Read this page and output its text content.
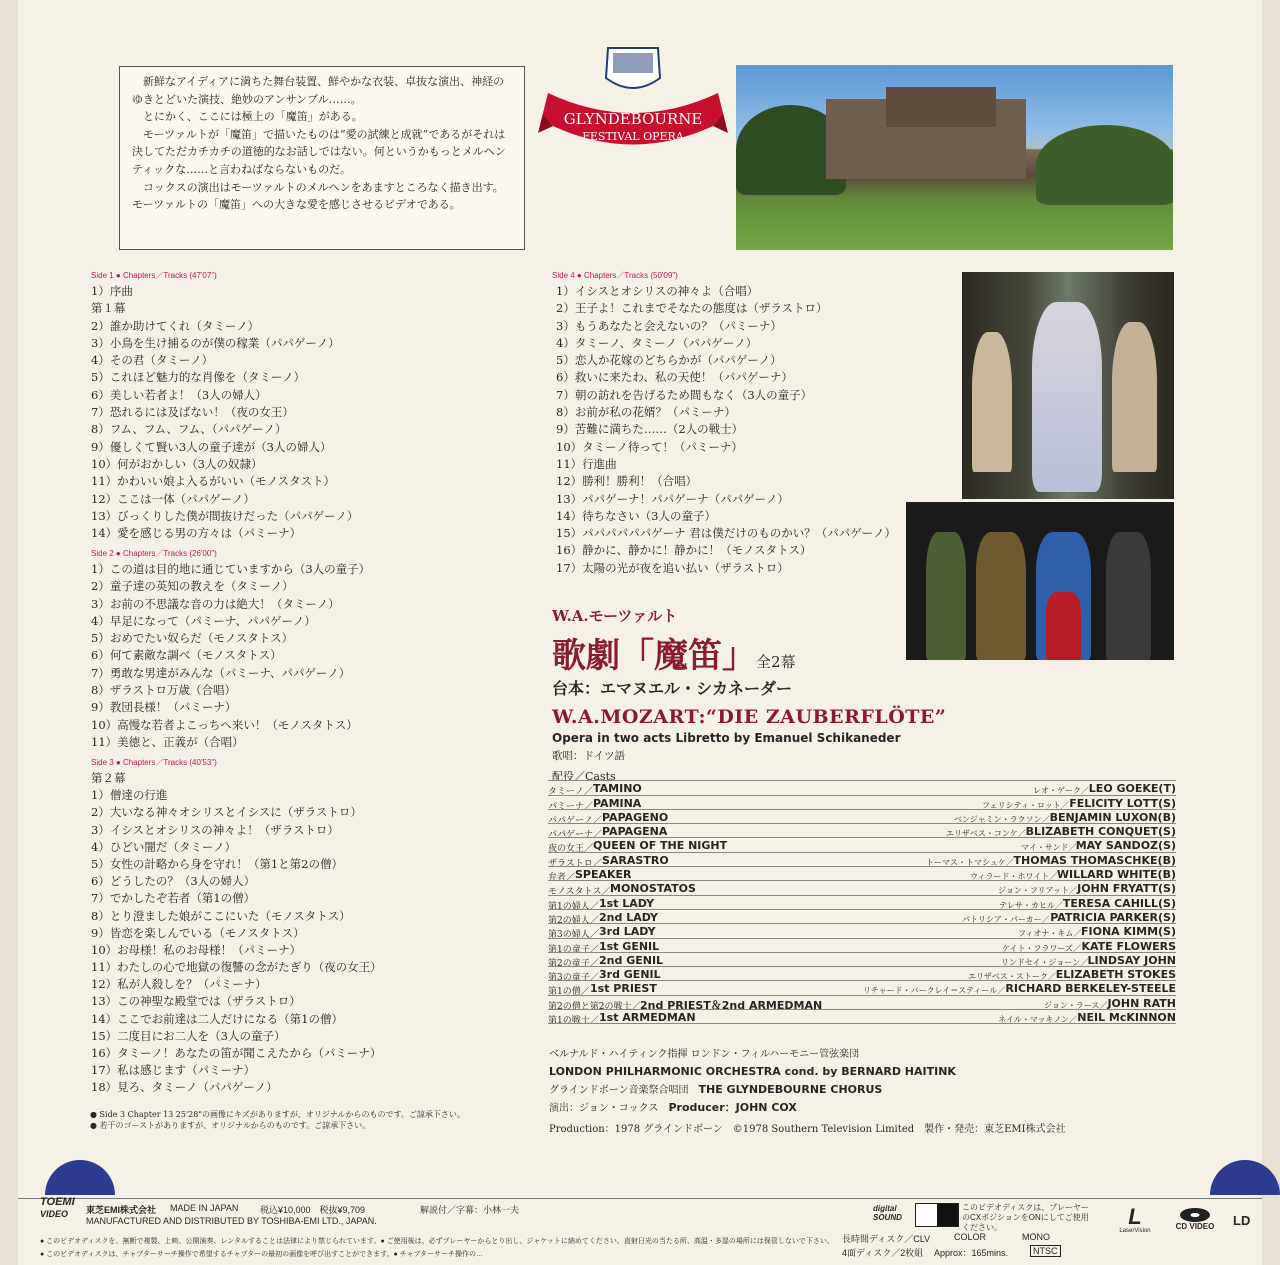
新鮮なアイディアに満ちた舞台装置、鮮やかな衣装、卓抜な演出、神経のゆきとどいた演技、絶妙のアンサンブル……。

とにかく、ここには極上の「魔笛」がある。

モーツァルトが「魔笛」で描いたものは“愛の試練と成就”であるがそれは決してただカチカチの道徳的なお話しではない。何というかもっとメルヘンティックな……と言わねばならないものだ。

コックスの演出はモーツァルトのメルヘンをあますところなく描き出す。モーツァルトの「魔笛」への大きな愛を感じさせるビデオである。

GLYNDEBOURNE
FESTIVAL OPERA
Side 1 ● Chapters／Tracks (47'07")
1）序曲
第１幕
2）誰か助けてくれ（タミーノ）
3）小鳥を生け捕るのが僕の稼業（パパゲーノ）
4）その君（タミーノ）
5）これほど魅力的な肖像を（タミーノ）
6）美しい若者よ！（3人の婦人）
7）恐れるには及ばない！（夜の女王）
8）フム、フム、フム、（パパゲーノ）
9）優しくて賢い3人の童子達が（3人の婦人）
10）何がおかしい（3人の奴隷）
11）かわいい娘よ入るがいい（モノスタスト）
12）ここは一体（パパゲーノ）
13）びっくりした僕が間抜けだった（パパゲーノ）
14）愛を感じる男の方々は（パミーナ）
Side 2 ● Chapters／Tracks (26'00")
1）この道は目的地に通じていますから（3人の童子）
2）童子達の英知の教えを（タミーノ）
3）お前の不思議な音の力は絶大！（タミーノ）
4）早足になって（パミーナ、パパゲーノ）
5）おめでたい奴らだ（モノスタトス）
6）何て素敵な調べ（モノスタトス）
7）勇敢な男達がみんな（パミーナ、パパゲーノ）
8）ザラストロ万歳（合唱）
9）教団長様！（パミーナ）
10）高慢な若者よこっちへ来い！（モノスタトス）
11）美徳と、正義が（合唱）
Side 3 ● Chapters／Tracks (40'53")
第２幕
1）僧達の行進
2）大いなる神々オシリスとイシスに（ザラストロ）
3）イシスとオシリスの神々よ！（ザラストロ）
4）ひどい闇だ（タミーノ）
5）女性の計略から身を守れ！（第1と第2の僧）
6）どうしたの？（3人の婦人）
7）でかしたぞ若者（第1の僧）
8）とり澄ました娘がここにいた（モノスタトス）
9）皆恋を楽しんでいる（モノスタトス）
10）お母様！私のお母様！（パミーナ）
11）わたしの心で地獄の復讐の念がたぎり（夜の女王）
12）私が人殺しを？（パミーナ）
13）この神聖な殿堂では（ザラストロ）
14）ここでお前達は二人だけになる（第1の僧）
15）二度目にお二人を（3人の童子）
16）タミーノ！あなたの笛が聞こえたから（パミーナ）
17）私は感じます（パミーナ）
18）見ろ、タミーノ（パパゲーノ）
● Side 3 Chapter 13 25'28"の画像にキズがありますが、オリジナルからのものです。ご諒承下さい。
● 若干のゴーストがありますが、オリジナルからのものです。ご諒承下さい。
Side 4 ● Chapters／Tracks (50'09")
1）イシスとオシリスの神々よ（合唱）
2）王子よ！これまでそなたの態度は（ザラストロ）
3）もうあなたと会えないの？（パミーナ）
4）タミーノ、タミーノ（パパゲーノ）
5）恋人か花嫁のどちらかが（パパゲーノ）
6）救いに来たわ、私の天使！（パパゲーナ）
7）朝の訪れを告げるため間もなく（3人の童子）
8）お前が私の花婿？（パミーナ）
9）苦難に満ちた……（2人の戦士）
10）タミーノ待って！（パミーナ）
11）行進曲
12）勝利！勝利！（合唱）
13）パパゲーナ！パパゲーナ（パパゲーノ）
14）待ちなさい（3人の童子）
15）パパパパパパゲーナ 君は僕だけのものかい？（パパゲーノ）
16）静かに、静かに！静かに！（モノスタトス）
17）太陽の光が夜を追い払い（ザラストロ）
W.A.モーツァルト
歌劇「魔笛」全2幕
台本：エマヌエル・シカネーダー
W.A.MOZART:“DIE ZAUBERFLÖTE”
Opera in two acts Libretto by Emanuel Schikaneder
歌唱：ドイツ語
配役／Casts
タミーノ／ TAMINO	レオ・ゲーク／ LEO GOEKE(T)
パミーナ／ PAMINA	フェリシティ・ロット／ FELICITY LOTT(S)
パパゲーノ／ PAPAGENO	ベンジャミン・ラクソン／ BENJAMIN LUXON(B)
パパゲーナ／ PAPAGENA	エリザベス・コンケ／ BLIZABETH CONQUET(S)
夜の女王／ QUEEN OF THE NIGHT	マイ・サンド／ MAY SANDOZ(S)
ザラストロ／ SARASTRO	トーマス・トマシュケ／ THOMAS THOMASCHKE(B)
弁者／ SPEAKER	ウィラード・ホワイト／ WILLARD WHITE(B)
モノスタトス／ MONOSTATOS	ジョン・フリアット／ JOHN FRYATT(S)
第1の婦人／ 1st LADY	テレサ・カヒル／ TERESA CAHILL(S)
第2の婦人／ 2nd LADY	パトリシア・パーカー／ PATRICIA PARKER(S)
第3の婦人／ 3rd LADY	フィオナ・キム／ FIONA KIMM(S)
第1の童子／ 1st GENIL	ケイト・フラワーズ／ KATE FLOWERS
第2の童子／ 2nd GENIL	リンドセイ・ジョーン／ LINDSAY JOHN
第3の童子／ 3rd GENIL	エリザベス・ストーク／ ELIZABETH STOKES
第1の僧／ 1st PRIEST	リチャード・バークレイ＝スティール／ RICHARD BERKELEY-STEELE
第2の僧と第2の戦士／ 2nd PRIEST＆2nd ARMEDMAN	ジョン・ラース／ JOHN RATH
第1の戦士／ 1st ARMEDMAN	ネイル・マッキノン／ NEIL McKINNON
ベルナルド・ハイティンク指揮 ロンドン・フィルハーモニー管弦楽団
LONDON PHILHARMONIC ORCHESTRA cond. by BERNARD HAITINK
グラインドボーン音楽祭合唱団　 THE GLYNDEBOURNE CHORUS
演出：ジョン・コックス　 Producer：JOHN COX
Production：1978 グラインドボーン　©1978 Southern Television Limited　製作・発売：東芝EMI株式会社
TOEMI
VIDEO	東芝EMI株式会社 MADE IN JAPAN 税込¥10,000　税抜¥9,709	解説付／字幕：小林一夫
MANUFACTURED AND DISTRIBUTED BY TOSHIBA-EMI LTD., JAPAN.
● このビデオディスクを、無断で複製、上映、公開演奏、レンタルすることは法律により禁じられています。● ご使用後は、必ずプレーヤーからとり出し、ジャケットに納めてください。直射日光の当たる所、高温・多湿の場所には保管しないで下さい。
● このビデオディスクは、チャプターサーチ操作で希望するチャプターの最初の画像を呼び出すことができます。● チャプターサーチ操作の…
digital SOUND
このビデオディスクは、プレーヤーのCXポジションをONにしてご使用ください。
長時間ディスク／CLV	COLOR	MONO
4面ディスク／2枚組 Approx：165mins.	NTSC
L
LaserVision	CD VIDEO	LD
